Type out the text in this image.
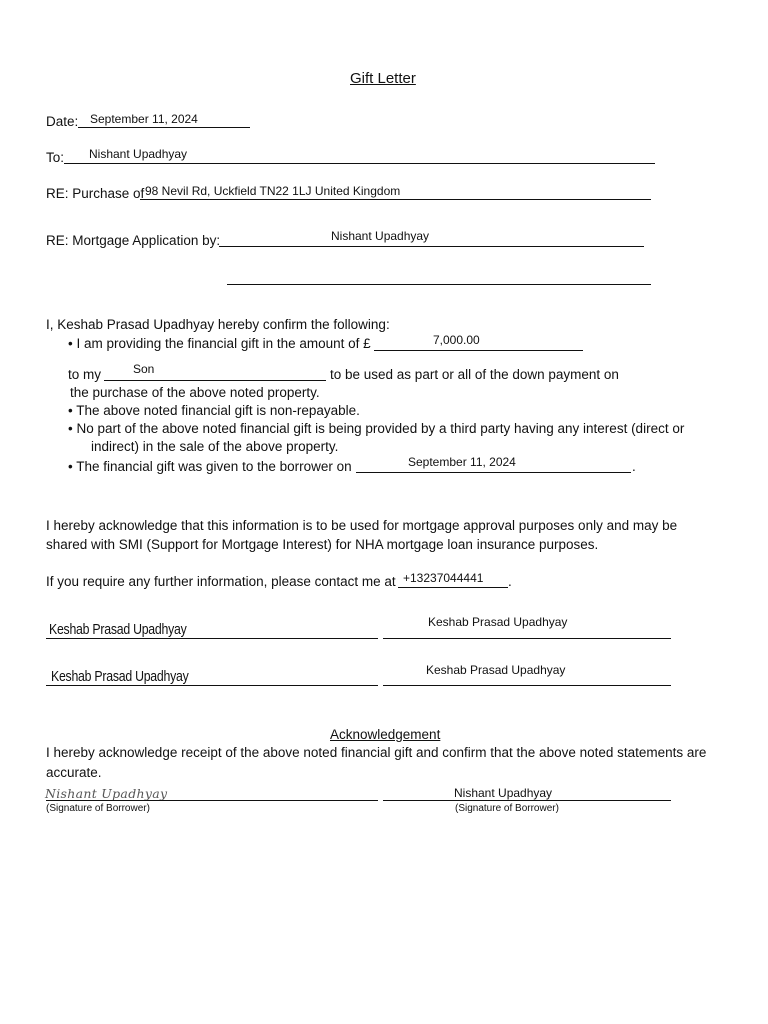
Gift Letter
Date: September 11, 2024
To: Nishant Upadhyay
RE: Purchase of 98 Nevil Rd, Uckfield TN22 1LJ United Kingdom
RE: Mortgage Application by:	Nishant Upadhyay
I, Keshab Prasad Upadhyay hereby confirm the following:
• I am providing the financial gift in the amount of £	7,000.00
to my	Son	to be used as part or all of the down payment on
the purchase of the above noted property.
• The above noted financial gift is non-repayable.
• No part of the above noted financial gift is being provided by a third party having any interest (direct or
indirect) in the sale of the above property.
• The financial gift was given to the borrower on	September 11, 2024	.
I hereby acknowledge that this information is to be used for mortgage approval purposes only and may be
shared with SMI (Support for Mortgage Interest) for NHA mortgage loan insurance purposes.
If you require any further information, please contact me at +13237044441 .
Keshab Prasad Upadhyay	Keshab Prasad Upadhyay
Keshab Prasad Upadhyay	Keshab Prasad Upadhyay
Acknowledgement
I hereby acknowledge receipt of the above noted financial gift and confirm that the above noted statements are
accurate.
Nishant Upadhyay	Nishant Upadhyay
(Signature of Borrower)	(Signature of Borrower)
